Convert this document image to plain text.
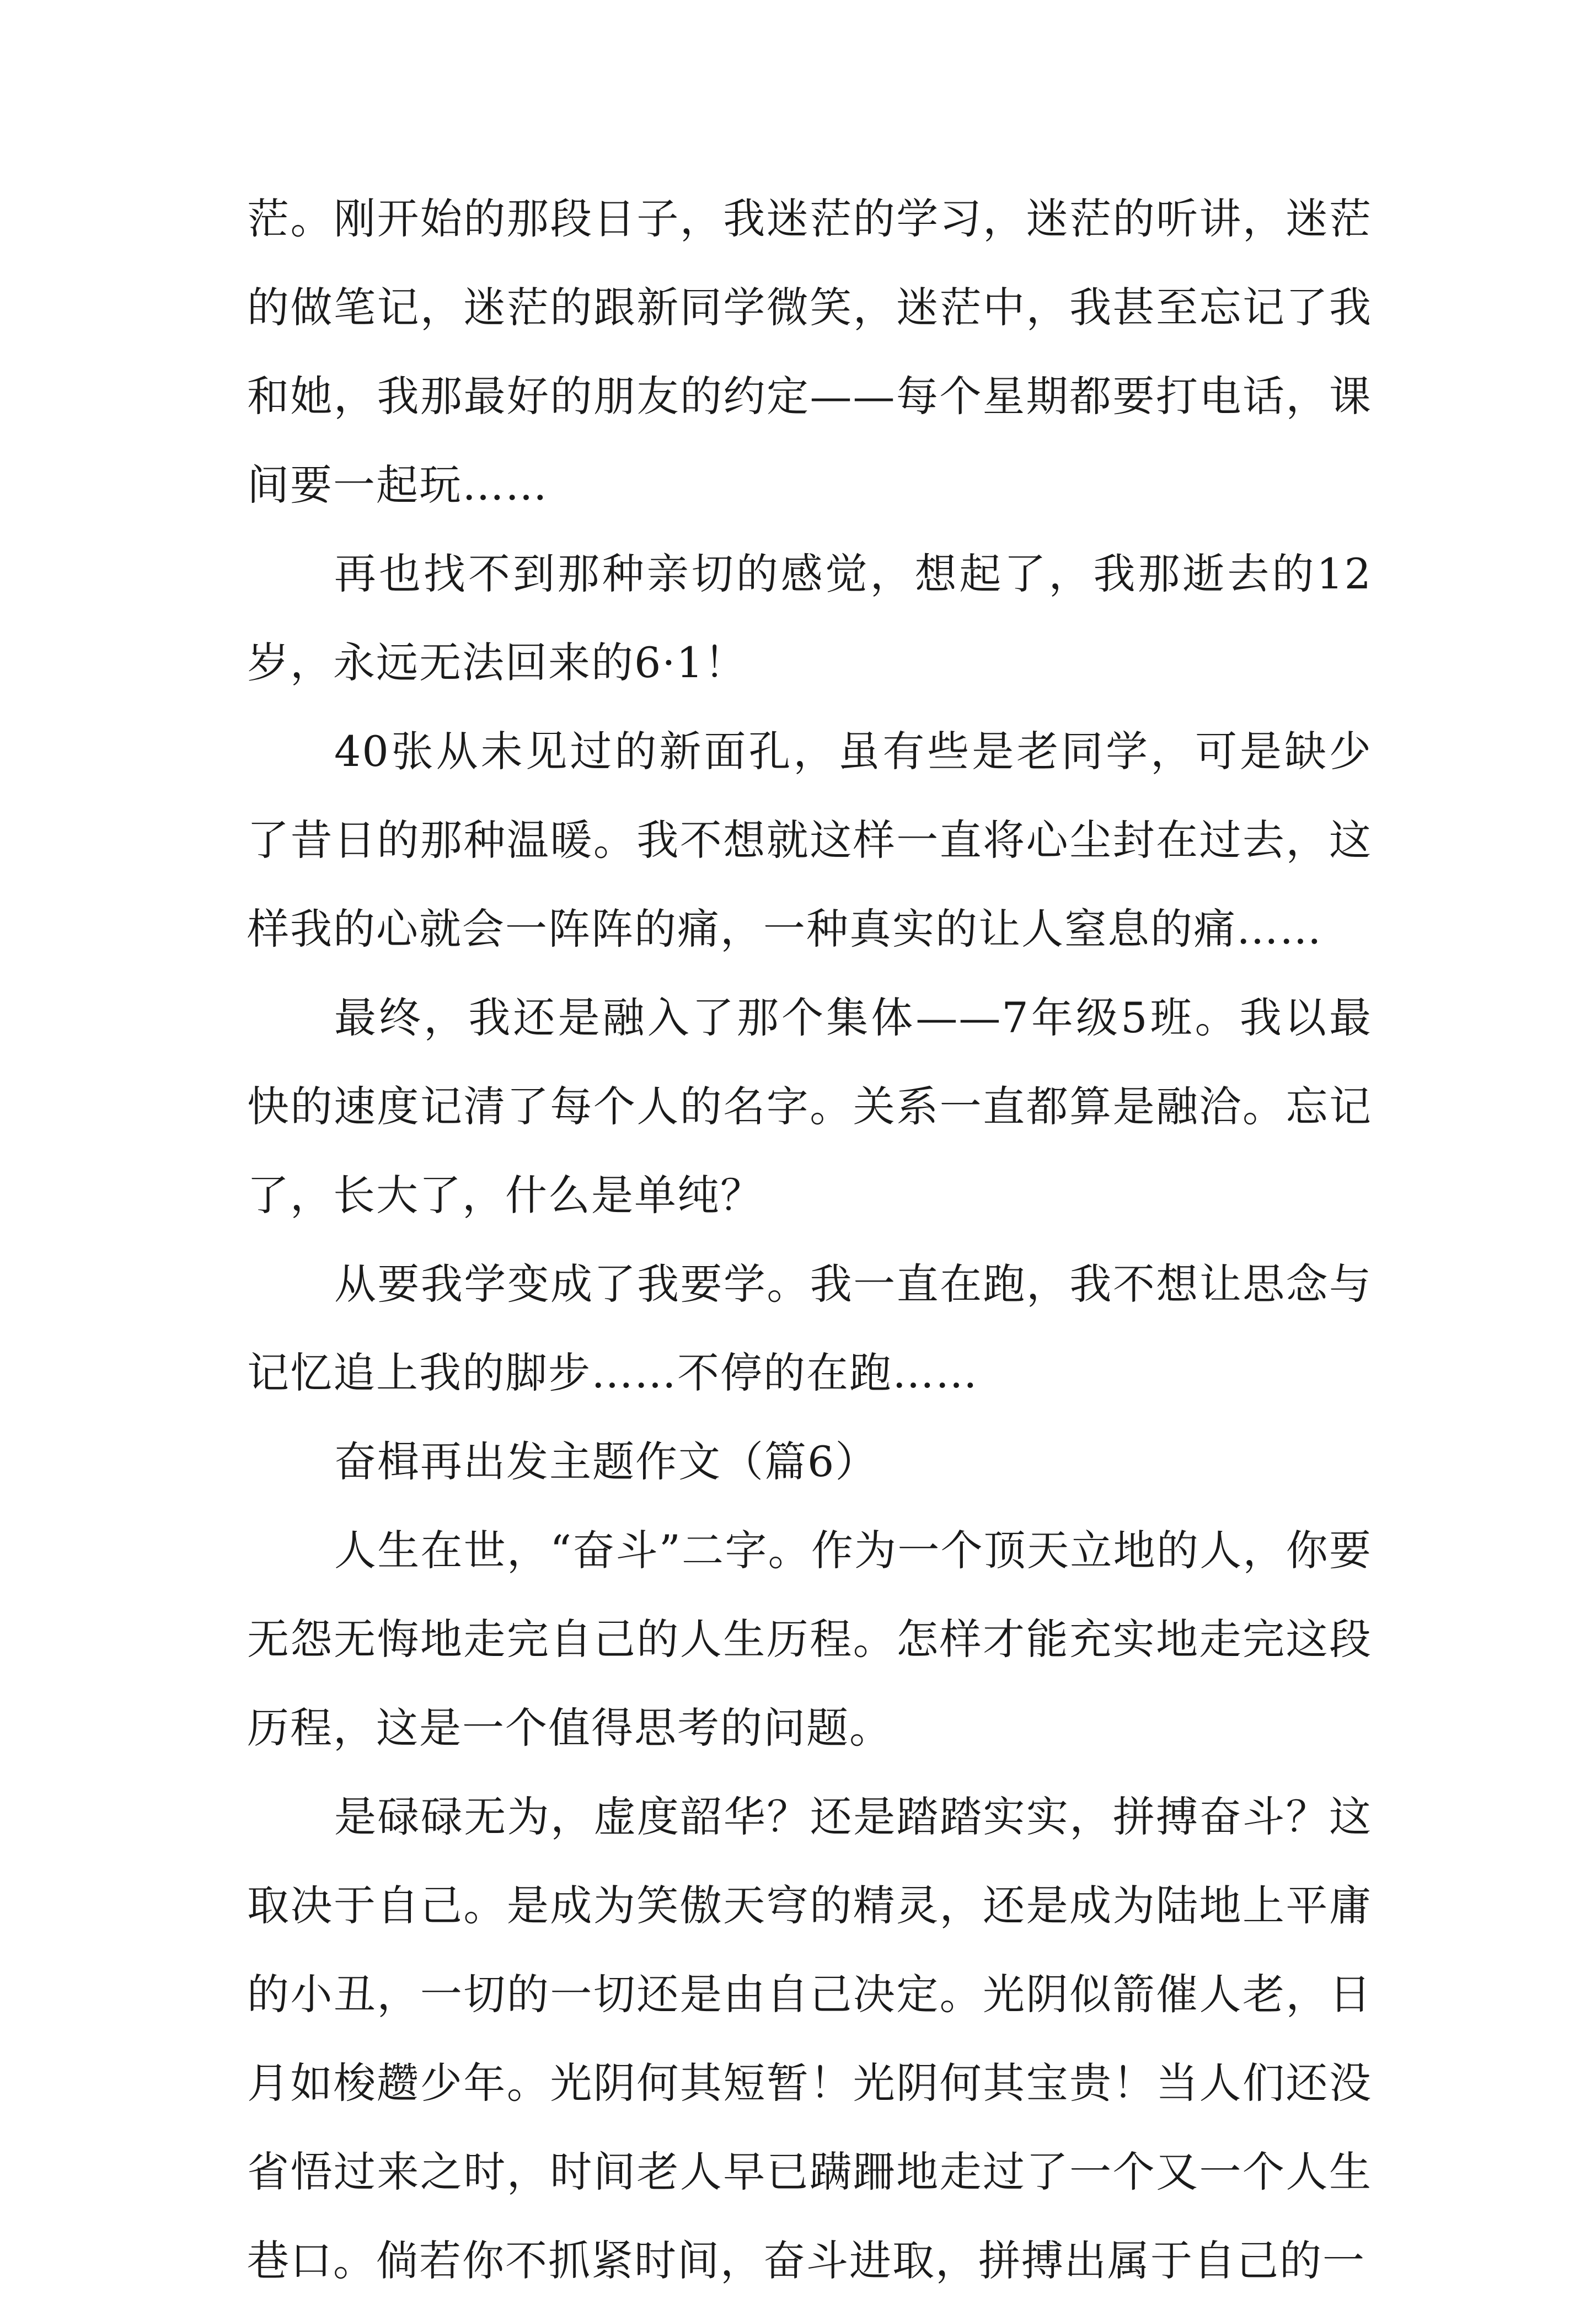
茫。刚开始的那段日子，我迷茫的学习，迷茫的听讲，迷茫的做笔记，迷茫的跟新同学微笑，迷茫中，我甚至忘记了我和她，我那最好的朋友的约定——每个星期都要打电话，课间要一起玩……

再也找不到那种亲切的感觉，想起了，我那逝去的12岁，永远无法回来的6·1！

40张从未见过的新面孔，虽有些是老同学，可是缺少了昔日的那种温暖。我不想就这样一直将心尘封在过去，这样我的心就会一阵阵的痛，一种真实的让人窒息的痛……

最终，我还是融入了那个集体——7年级5班。我以最快的速度记清了每个人的名字。关系一直都算是融洽。忘记了，长大了，什么是单纯？

从要我学变成了我要学。我一直在跑，我不想让思念与记忆追上我的脚步……不停的在跑……

奋楫再出发主题作文（篇6）

人生在世，“奋斗”二字。作为一个顶天立地的人，你要无怨无悔地走完自己的人生历程。怎样才能充实地走完这段历程，这是一个值得思考的问题。

是碌碌无为，虚度韶华？还是踏踏实实，拼搏奋斗？这取决于自己。是成为笑傲天穹的精灵，还是成为陆地上平庸的小丑，一切的一切还是由自己决定。光阴似箭催人老，日月如梭趱少年。光阴何其短暂！光阴何其宝贵！当人们还没省悟过来之时，时间老人早已蹒跚地走过了一个又一个人生巷口。倘若你不抓紧时间，奋斗进取，拼搏出属于自己的一
